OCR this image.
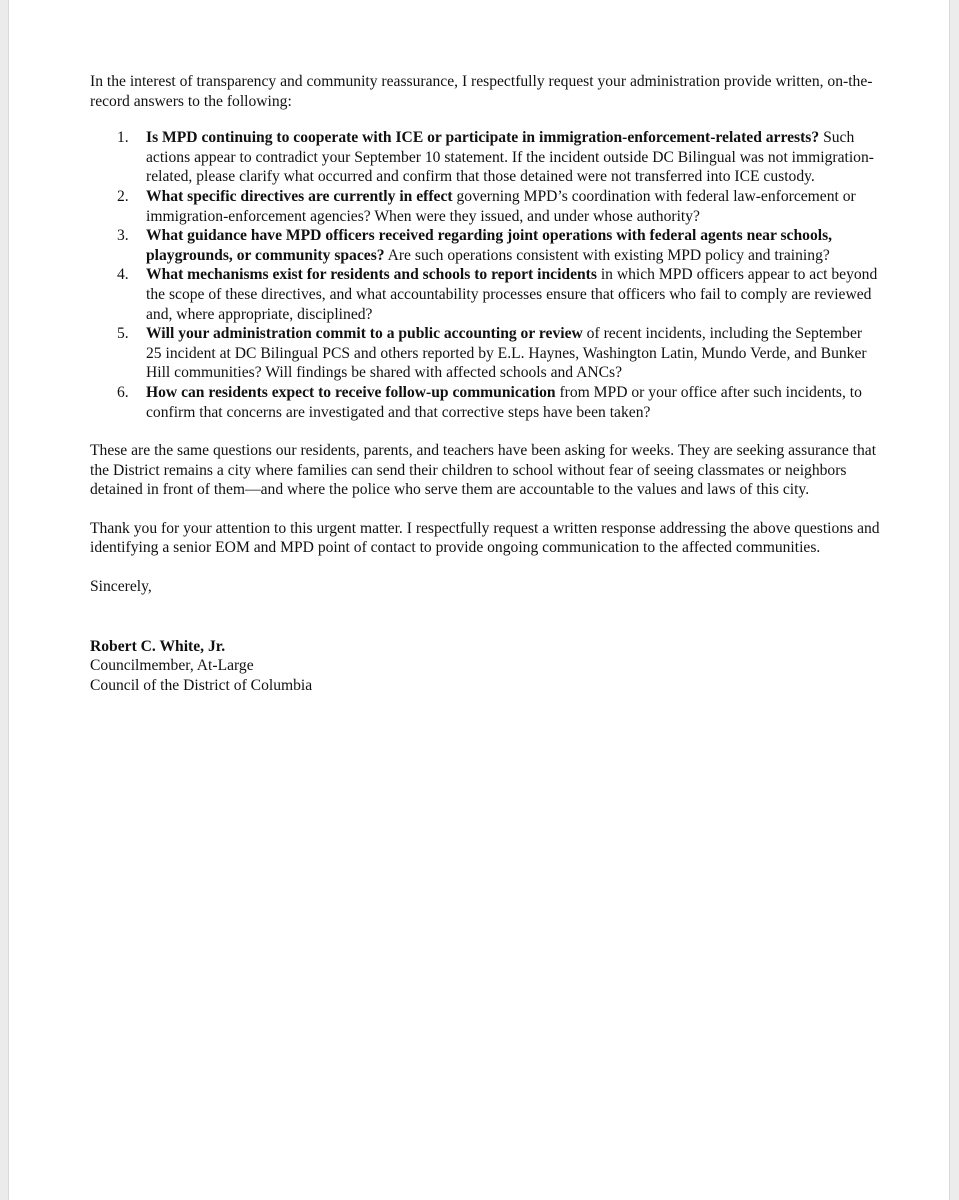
In the interest of transparency and community reassurance, I respectfully request your administration provide written, on-the-record answers to the following:

1. Is MPD continuing to cooperate with ICE or participate in immigration-enforcement-related arrests? Such actions appear to contradict your September 10 statement. If the incident outside DC Bilingual was not immigration-related, please clarify what occurred and confirm that those detained were not transferred into ICE custody.
2. What specific directives are currently in effect governing MPD’s coordination with federal law-enforcement or immigration-enforcement agencies? When were they issued, and under whose authority?
3. What guidance have MPD officers received regarding joint operations with federal agents near schools, playgrounds, or community spaces? Are such operations consistent with existing MPD policy and training?
4. What mechanisms exist for residents and schools to report incidents in which MPD officers appear to act beyond the scope of these directives, and what accountability processes ensure that officers who fail to comply are reviewed and, where appropriate, disciplined?
5. Will your administration commit to a public accounting or review of recent incidents, including the September 25 incident at DC Bilingual PCS and others reported by E.L. Haynes, Washington Latin, Mundo Verde, and Bunker Hill communities? Will findings be shared with affected schools and ANCs?
6. How can residents expect to receive follow-up communication from MPD or your office after such incidents, to confirm that concerns are investigated and that corrective steps have been taken?

These are the same questions our residents, parents, and teachers have been asking for weeks. They are seeking assurance that the District remains a city where families can send their children to school without fear of seeing classmates or neighbors detained in front of them—and where the police who serve them are accountable to the values and laws of this city.

Thank you for your attention to this urgent matter. I respectfully request a written response addressing the above questions and identifying a senior EOM and MPD point of contact to provide ongoing communication to the affected communities.

Sincerely,

Robert C. White, Jr.

Councilmember, At-Large

Council of the District of Columbia
